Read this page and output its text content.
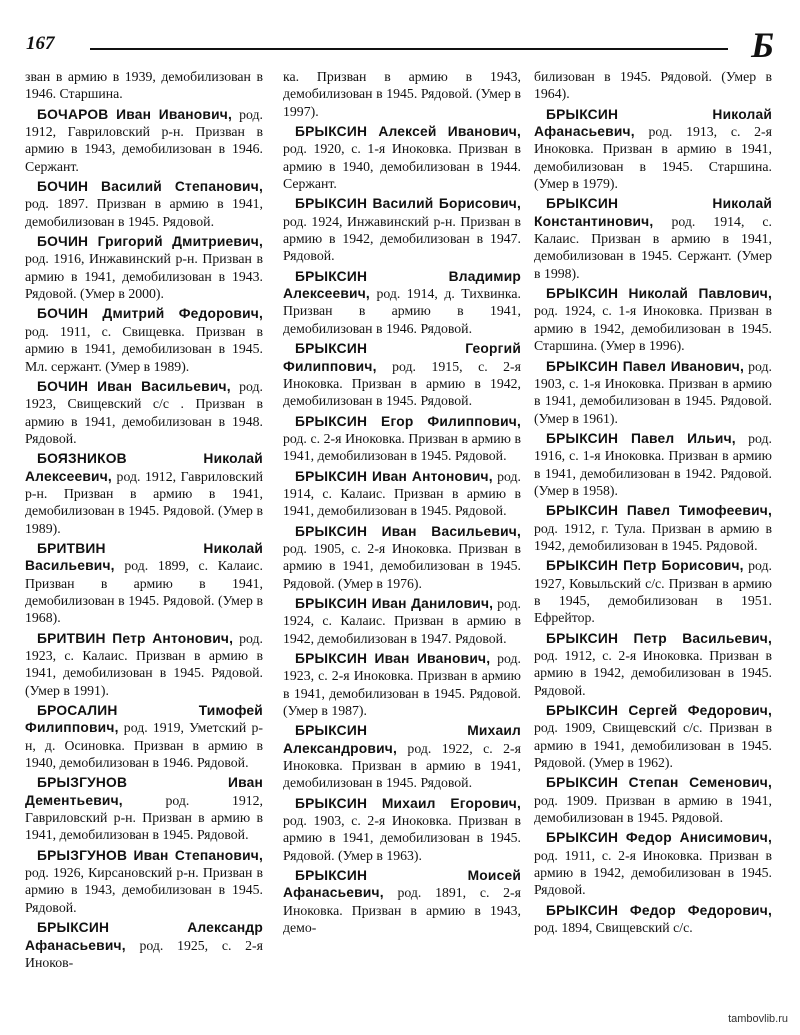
167	Б
зван в армию в 1939, демобилизован в 1946. Старшина.
БОЧАРОВ Иван Иванович, род. 1912, Гавриловский р-н. Призван в армию в 1943, демобилизован в 1946. Сержант.
БОЧИН Василий Степанович, род. 1897. Призван в армию в 1941, демобилизован в 1945. Рядовой.
БОЧИН Григорий Дмитриевич, род. 1916, Инжавинский р-н. Призван в армию в 1941, демобилизован в 1943. Рядовой. (Умер в 2000).
БОЧИН Дмитрий Федорович, род. 1911, с. Свищевка. Призван в армию в 1941, демобилизован в 1945. Мл. сержант. (Умер в 1989).
БОЧИН Иван Васильевич, род. 1923, Свищевский с/с . Призван в армию в 1941, демобилизован в 1948. Рядовой.
БОЯЗНИКОВ Николай Алексеевич, род. 1912, Гавриловский р-н. Призван в армию в 1941, демобилизован в 1945. Рядовой. (Умер в 1989).
БРИТВИН Николай Васильевич, род. 1899, с. Калаис. Призван в армию в 1941, демобилизован в 1945. Рядовой. (Умер в 1968).
БРИТВИН Петр Антонович, род. 1923, с. Калаис. Призван в армию в 1941, демобилизован в 1945. Рядовой. (Умер в 1991).
БРОСАЛИН Тимофей Филиппович, род. 1919, Уметский р-н, д. Осиновка. Призван в армию в 1940, демобилизован в 1946. Рядовой.
БРЫЗГУНОВ Иван Дементьевич, род. 1912, Гавриловский р-н. Призван в армию в 1941, демобилизован в 1945. Рядовой.
БРЫЗГУНОВ Иван Степанович, род. 1926, Кирсановский р-н. Призван в армию в 1943, демобилизован в 1945. Рядовой.
БРЫКСИН Александр Афанасьевич, род. 1925, с. 2-я Иноков-
ка. Призван в армию в 1943, демобилизован в 1945. Рядовой. (Умер в 1997).
БРЫКСИН Алексей Иванович, род. 1920, с. 1-я Иноковка. Призван в армию в 1940, демобилизован в 1944. Сержант.
БРЫКСИН Василий Борисович, род. 1924, Инжавинский р-н. Призван в армию в 1942, демобилизован в 1947. Рядовой.
БРЫКСИН Владимир Алексеевич, род. 1914, д. Тихвинка. Призван в армию в 1941, демобилизован в 1946. Рядовой.
БРЫКСИН Георгий Филиппович, род. 1915, с. 2-я Иноковка. Призван в армию в 1942, демобилизован в 1945. Рядовой.
БРЫКСИН Егор Филиппович, род. с. 2-я Иноковка. Призван в армию в 1941, демобилизован в 1945. Рядовой.
БРЫКСИН Иван Антонович, род. 1914, с. Калаис. Призван в армию в 1941, демобилизован в 1945. Рядовой.
БРЫКСИН Иван Васильевич, род. 1905, с. 2-я Иноковка. Призван в армию в 1941, демобилизован в 1945. Рядовой. (Умер в 1976).
БРЫКСИН Иван Данилович, род. 1924, с. Калаис. Призван в армию в 1942, демобилизован в 1947. Рядовой.
БРЫКСИН Иван Иванович, род. 1923, с. 2-я Иноковка. Призван в армию в 1941, демобилизован в 1945. Рядовой. (Умер в 1987).
БРЫКСИН Михаил Александрович, род. 1922, с. 2-я Иноковка. Призван в армию в 1941, демобилизован в 1945. Рядовой.
БРЫКСИН Михаил Егорович, род. 1903, с. 2-я Иноковка. Призван в армию в 1941, демобилизован в 1945. Рядовой. (Умер в 1963).
БРЫКСИН Моисей Афанасьевич, род. 1891, с. 2-я Иноковка. Призван в армию в 1943, демо-
билизован в 1945. Рядовой. (Умер в 1964).
БРЫКСИН Николай Афанасьевич, род. 1913, с. 2-я Иноковка. Призван в армию в 1941, демобилизован в 1945. Старшина. (Умер в 1979).
БРЫКСИН Николай Константинович, род. 1914, с. Калаис. Призван в армию в 1941, демобилизован в 1945. Сержант. (Умер в 1998).
БРЫКСИН Николай Павлович, род. 1924, с. 1-я Иноковка. Призван в армию в 1942, демобилизован в 1945. Старшина. (Умер в 1996).
БРЫКСИН Павел Иванович, род. 1903, с. 1-я Иноковка. Призван в армию в 1941, демобилизован в 1945. Рядовой. (Умер в 1961).
БРЫКСИН Павел Ильич, род. 1916, с. 1-я Иноковка. Призван в армию в 1941, демобилизован в 1942. Рядовой. (Умер в 1958).
БРЫКСИН Павел Тимофеевич, род. 1912, г. Тула. Призван в армию в 1942, демобилизован в 1945. Рядовой.
БРЫКСИН Петр Борисович, род. 1927, Ковыльский с/с. Призван в армию в 1945, демобилизован в 1951. Ефрейтор.
БРЫКСИН Петр Васильевич, род. 1912, с. 2-я Иноковка. Призван в армию в 1942, демобилизован в 1945. Рядовой.
БРЫКСИН Сергей Федорович, род. 1909, Свищевский с/с. Призван в армию в 1941, демобилизован в 1945. Рядовой. (Умер в 1962).
БРЫКСИН Степан Семенович, род. 1909. Призван в армию в 1941, демобилизован в 1945. Рядовой.
БРЫКСИН Федор Анисимович, род. 1911, с. 2-я Иноковка. Призван в армию в 1942, демобилизован в 1945. Рядовой.
БРЫКСИН Федор Федорович, род. 1894, Свищевский с/с.
tambovlib.ru
